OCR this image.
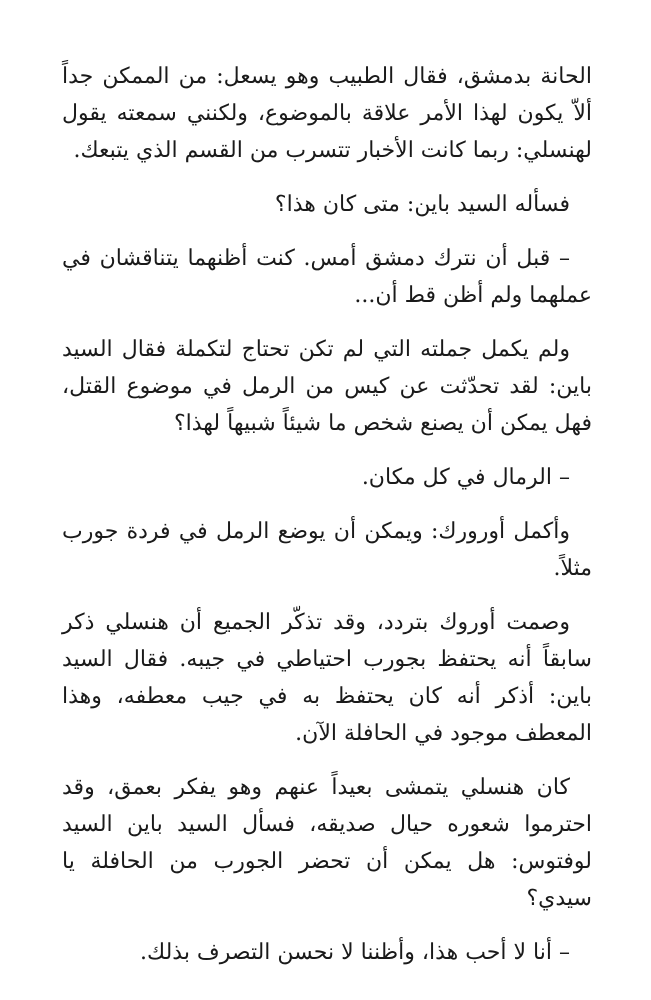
الحانة بدمشق، فقال الطبيب وهو يسعل: من الممكن جداً ألاّ يكون لهذا الأمر علاقة بالموضوع، ولكنني سمعته يقول لهنسلي: ربما كانت الأخبار تتسرب من القسم الذي يتبعك.

فسأله السيد باين: متى كان هذا؟

– قبل أن نترك دمشق أمس. كنت أظنهما يتناقشان في عملهما ولم أظن قط أن...

ولم يكمل جملته التي لم تكن تحتاج لتكملة فقال السيد باين: لقد تحدّثت عن كيس من الرمل في موضوع القتل، فهل يمكن أن يصنع شخص ما شيئاً شبيهاً لهذا؟

– الرمال في كل مكان.

وأكمل أورورك: ويمكن أن يوضع الرمل في فردة جورب مثلاً.

وصمت أوروك بتردد، وقد تذكّر الجميع أن هنسلي ذكر سابقاً أنه يحتفظ بجورب احتياطي في جيبه. فقال السيد باين: أذكر أنه كان يحتفظ به في جيب معطفه، وهذا المعطف موجود في الحافلة الآن.

كان هنسلي يتمشى بعيداً عنهم وهو يفكر بعمق، وقد احترموا شعوره حيال صديقه، فسأل السيد باين السيد لوفتوس: هل يمكن أن تحضر الجورب من الحافلة يا سيدي؟

– أنا لا أحب هذا، وأظننا لا نحسن التصرف بذلك.
